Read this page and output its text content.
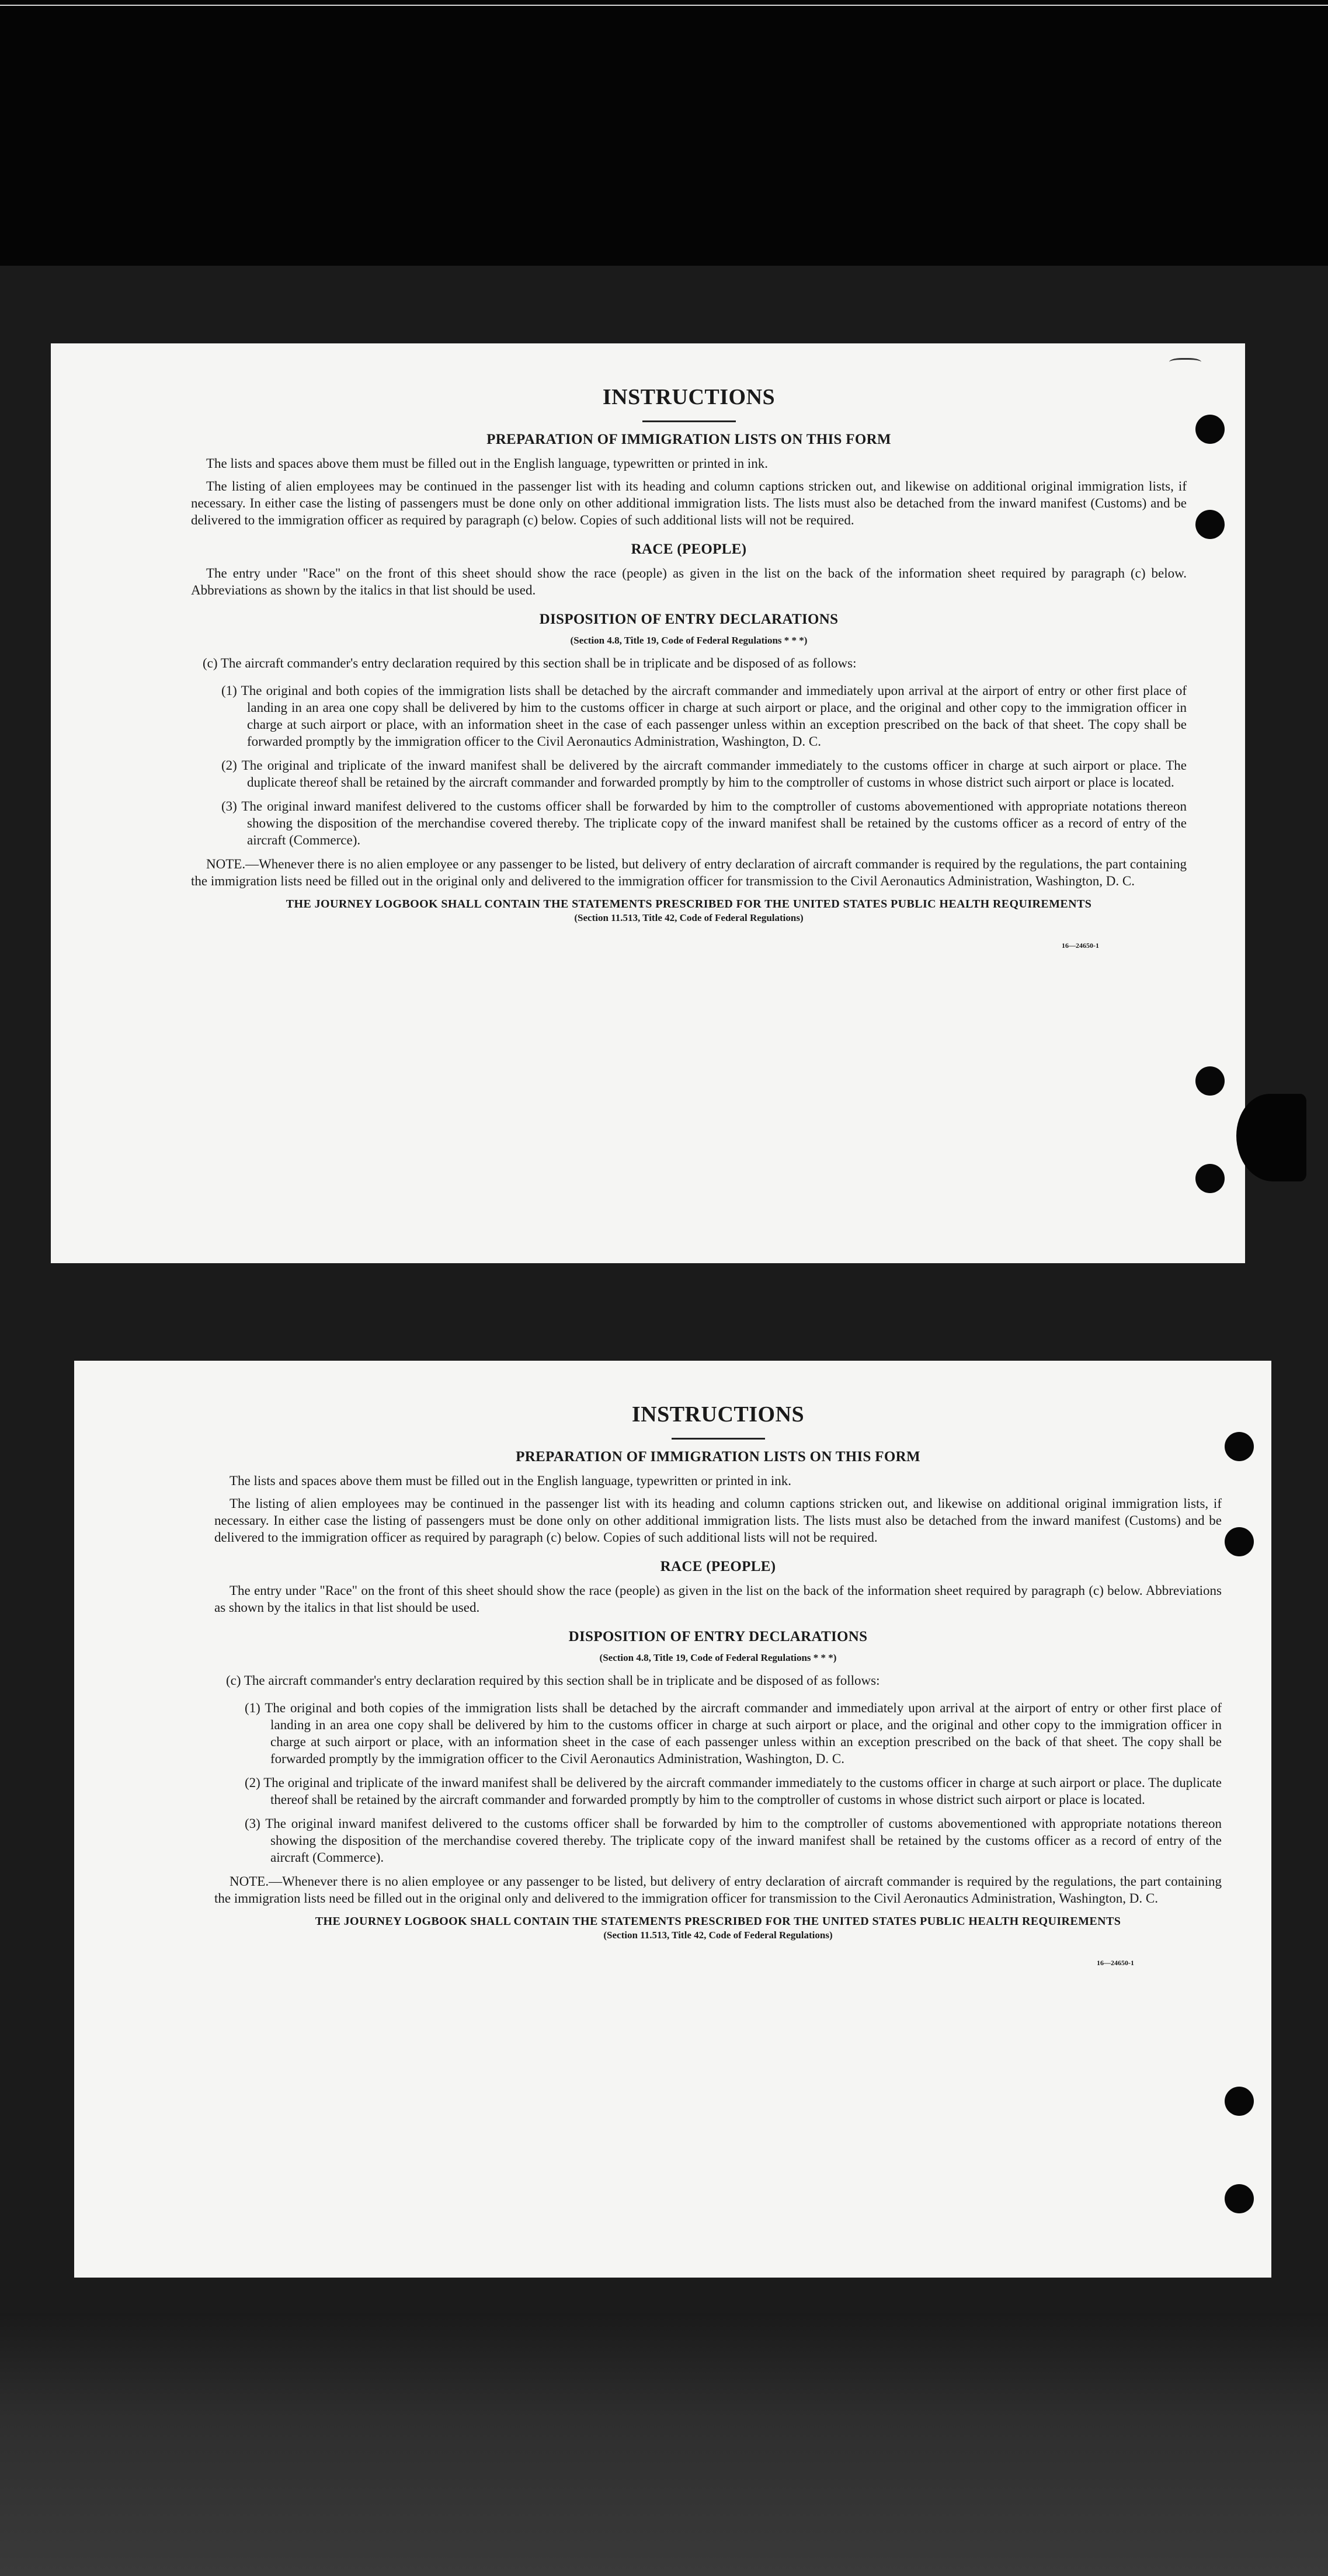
INSTRUCTIONS
PREPARATION OF IMMIGRATION LISTS ON THIS FORM

The lists and spaces above them must be filled out in the English language, typewritten or printed in ink.

The listing of alien employees may be continued in the passenger list with its heading and column captions stricken out, and likewise on additional original immigration lists, if necessary. In either case the listing of passengers must be done only on other additional immigration lists. The lists must also be detached from the inward manifest (Customs) and be delivered to the immigration officer as required by paragraph (c) below. Copies of such additional lists will not be required.

RACE (PEOPLE)

The entry under "Race" on the front of this sheet should show the race (people) as given in the list on the back of the information sheet required by paragraph (c) below. Abbreviations as shown by the italics in that list should be used.

DISPOSITION OF ENTRY DECLARATIONS
(Section 4.8, Title 19, Code of Federal Regulations * * *)
(c) The aircraft commander's entry declaration required by this section shall be in triplicate and be disposed of as follows:
(1) The original and both copies of the immigration lists shall be detached by the aircraft commander and immediately upon arrival at the airport of entry or other first place of landing in an area one copy shall be delivered by him to the customs officer in charge at such airport or place, and the original and other copy to the immigration officer in charge at such airport or place, with an information sheet in the case of each passenger unless within an exception prescribed on the back of that sheet. The copy shall be forwarded promptly by the immigration officer to the Civil Aeronautics Administration, Washington, D. C.
(2) The original and triplicate of the inward manifest shall be delivered by the aircraft commander immediately to the customs officer in charge at such airport or place. The duplicate thereof shall be retained by the aircraft commander and forwarded promptly by him to the comptroller of customs in whose district such airport or place is located.
(3) The original inward manifest delivered to the customs officer shall be forwarded by him to the comptroller of customs abovementioned with appropriate notations thereon showing the disposition of the merchandise covered thereby. The triplicate copy of the inward manifest shall be retained by the customs officer as a record of entry of the aircraft (Commerce).

NOTE.—Whenever there is no alien employee or any passenger to be listed, but delivery of entry declaration of aircraft commander is required by the regulations, the part containing the immigration lists need be filled out in the original only and delivered to the immigration officer for transmission to the Civil Aeronautics Administration, Washington, D. C.

THE JOURNEY LOGBOOK SHALL CONTAIN THE STATEMENTS PRESCRIBED FOR THE UNITED STATES PUBLIC HEALTH REQUIREMENTS
(Section 11.513, Title 42, Code of Federal Regulations)
16—24650-1
INSTRUCTIONS
PREPARATION OF IMMIGRATION LISTS ON THIS FORM

The lists and spaces above them must be filled out in the English language, typewritten or printed in ink.

The listing of alien employees may be continued in the passenger list with its heading and column captions stricken out, and likewise on additional original immigration lists, if necessary. In either case the listing of passengers must be done only on other additional immigration lists. The lists must also be detached from the inward manifest (Customs) and be delivered to the immigration officer as required by paragraph (c) below. Copies of such additional lists will not be required.

RACE (PEOPLE)

The entry under "Race" on the front of this sheet should show the race (people) as given in the list on the back of the information sheet required by paragraph (c) below. Abbreviations as shown by the italics in that list should be used.

DISPOSITION OF ENTRY DECLARATIONS
(Section 4.8, Title 19, Code of Federal Regulations * * *)
(c) The aircraft commander's entry declaration required by this section shall be in triplicate and be disposed of as follows:
(1) The original and both copies of the immigration lists shall be detached by the aircraft commander and immediately upon arrival at the airport of entry or other first place of landing in an area one copy shall be delivered by him to the customs officer in charge at such airport or place, and the original and other copy to the immigration officer in charge at such airport or place, with an information sheet in the case of each passenger unless within an exception prescribed on the back of that sheet. The copy shall be forwarded promptly by the immigration officer to the Civil Aeronautics Administration, Washington, D. C.
(2) The original and triplicate of the inward manifest shall be delivered by the aircraft commander immediately to the customs officer in charge at such airport or place. The duplicate thereof shall be retained by the aircraft commander and forwarded promptly by him to the comptroller of customs in whose district such airport or place is located.
(3) The original inward manifest delivered to the customs officer shall be forwarded by him to the comptroller of customs abovementioned with appropriate notations thereon showing the disposition of the merchandise covered thereby. The triplicate copy of the inward manifest shall be retained by the customs officer as a record of entry of the aircraft (Commerce).

NOTE.—Whenever there is no alien employee or any passenger to be listed, but delivery of entry declaration of aircraft commander is required by the regulations, the part containing the immigration lists need be filled out in the original only and delivered to the immigration officer for transmission to the Civil Aeronautics Administration, Washington, D. C.

THE JOURNEY LOGBOOK SHALL CONTAIN THE STATEMENTS PRESCRIBED FOR THE UNITED STATES PUBLIC HEALTH REQUIREMENTS
(Section 11.513, Title 42, Code of Federal Regulations)
16—24650-1
